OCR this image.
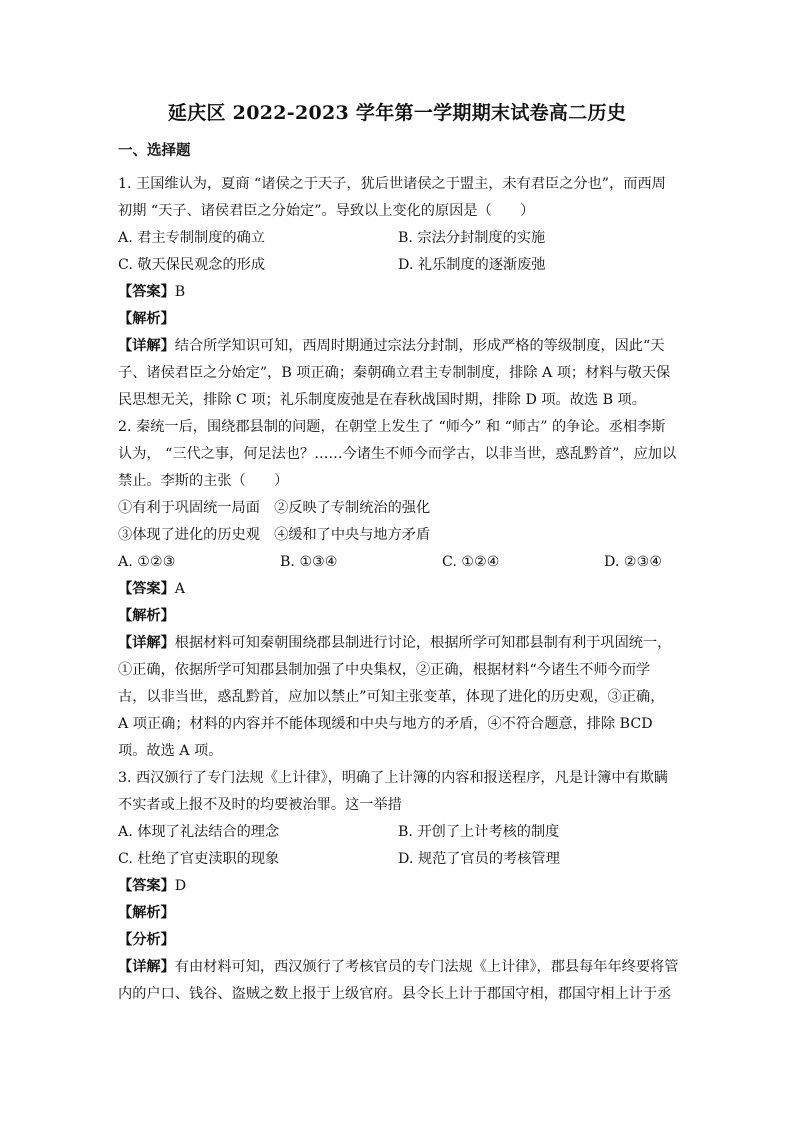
延庆区 2022-2023 学年第一学期期末试卷高二历史
一、选择题
1. 王国维认为，夏商 “诸侯之于天子，犹后世诸侯之于盟主，未有君臣之分也”，而西周
初期 “天子、诸侯君臣之分始定”。导致以上变化的原因是（　　）
A. 君主专制制度的确立	B. 宗法分封制度的实施
C. 敬天保民观念的形成	D. 礼乐制度的逐渐废弛
【答案】B
【解析】
【详解】结合所学知识可知，西周时期通过宗法分封制，形成严格的等级制度，因此“天
子、诸侯君臣之分始定”，B 项正确；秦朝确立君主专制制度，排除 A 项；材料与敬天保
民思想无关，排除 C 项；礼乐制度废弛是在春秋战国时期，排除 D 项。故选 B 项。
2. 秦统一后，围绕郡县制的问题，在朝堂上发生了 “师今” 和 “师古” 的争论。丞相李斯
认为， “三代之事，何足法也？……今诸生不师今而学古，以非当世，惑乱黔首”，应加以
禁止。李斯的主张（　　）
①有利于巩固统一局面　②反映了专制统治的强化
③体现了进化的历史观　④缓和了中央与地方矛盾
A. ①②③	B. ①③④	C. ①②④	D. ②③④
【答案】A
【解析】
【详解】根据材料可知秦朝围绕郡县制进行讨论，根据所学可知郡县制有利于巩固统一，
①正确，依据所学可知郡县制加强了中央集权，②正确，根据材料“今诸生不师今而学
古，以非当世，惑乱黔首，应加以禁止”可知主张变革，体现了进化的历史观，③正确，
A 项正确；材料的内容并不能体现缓和中央与地方的矛盾，④不符合题意，排除 BCD
项。故选 A 项。
3. 西汉颁行了专门法规《上计律》，明确了上计簿的内容和报送程序，凡是计簿中有欺瞒
不实者或上报不及时的均要被治罪。这一举措
A. 体现了礼法结合的理念	B. 开创了上计考核的制度
C. 杜绝了官吏渎职的现象	D. 规范了官员的考核管理
【答案】D
【解析】
【分析】
【详解】有由材料可知，西汉颁行了考核官员的专门法规《上计律》，郡县每年年终要将管
内的户口、钱谷、盗贼之数上报于上级官府。县令长上计于郡国守相，郡国守相上计于丞
